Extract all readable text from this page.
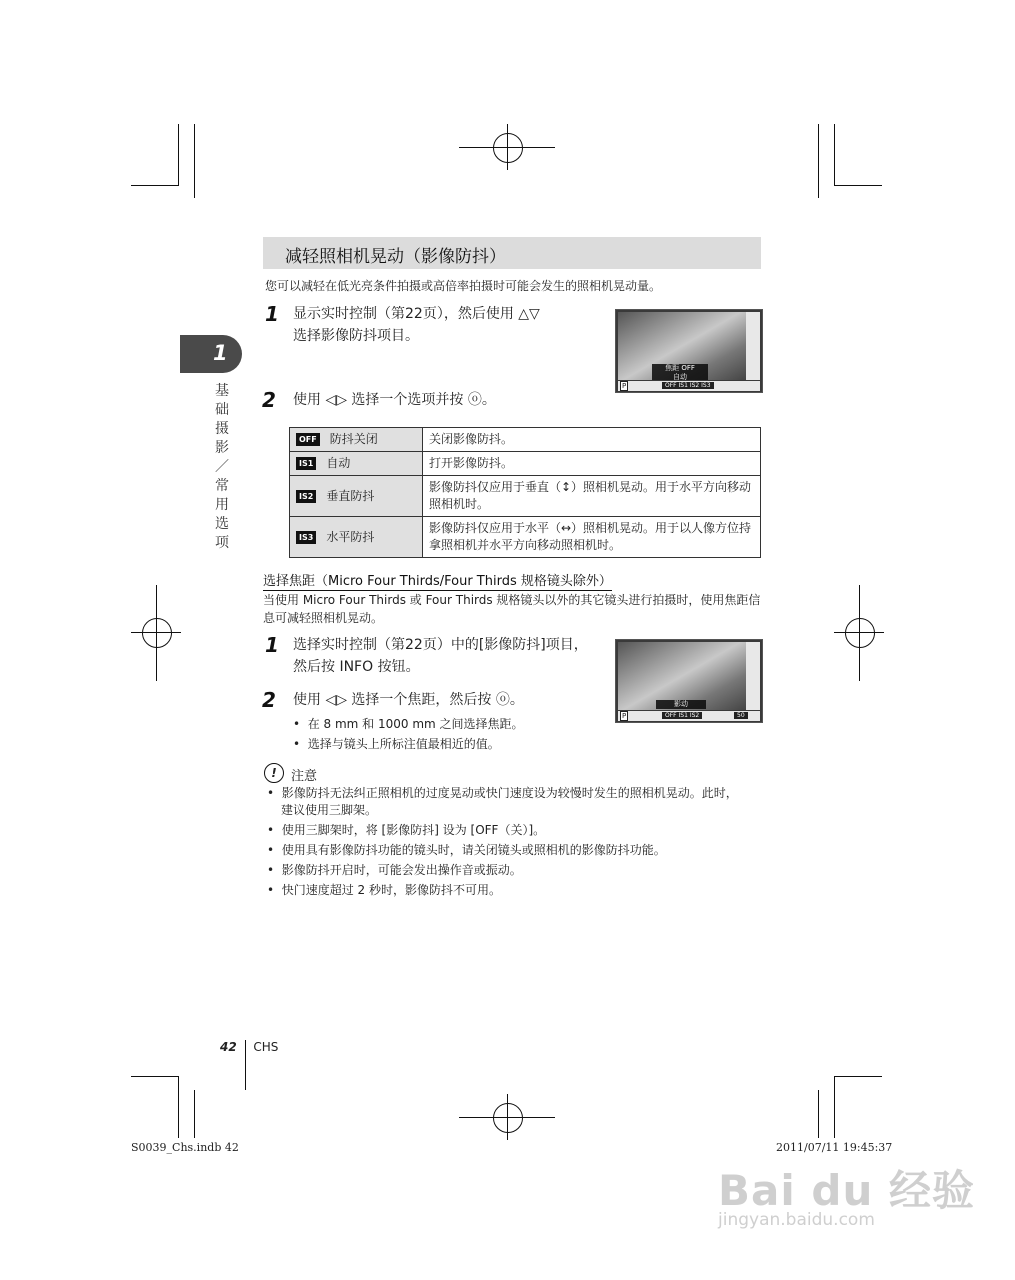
1
基础摄影／常用选项
减轻照相机晃动（影像防抖）
您可以减轻在低光亮条件拍摄或高倍率拍摄时可能会发生的照相机晃动量。
1 显示实时控制（第22页），然后使用 △▽
选择影像防抖项目。
2 使用 ◁▷ 选择一个选项并按 ⓞ。
焦距 OFF
自动
OFF IS1 IS2 IS3
P
OFF 防抖关闭	关闭影像防抖。
IS1 自动	打开影像防抖。
IS2 垂直防抖	影像防抖仅应用于垂直（↕）照相机晃动。用于水平方向移动照相机时。
IS3 水平防抖	影像防抖仅应用于水平（↔）照相机晃动。用于以人像方位持拿照相机并水平方向移动照相机时。
选择焦距（Micro Four Thirds/Four Thirds 规格镜头除外）
当使用 Micro Four Thirds 或 Four Thirds 规格镜头以外的其它镜头进行拍摄时，使用焦距信息可减轻照相机晃动。
1 选择实时控制（第22页）中的[影像防抖]项目，
然后按 INFO 按钮。
2 使用 ◁▷ 选择一个焦距，然后按 ⓞ。
•  在 8 mm 和 1000 mm 之间选择焦距。
•  选择与镜头上所标注值最相近的值。
影动
OFF IS1 IS2
P	50
!	注意
•  影像防抖无法纠正照相机的过度晃动或快门速度设为较慢时发生的照相机晃动。此时，
建议使用三脚架。
•  使用三脚架时，将 [影像防抖] 设为 [OFF（关）]。
•  使用具有影像防抖功能的镜头时，请关闭镜头或照相机的影像防抖功能。
•  影像防抖开启时，可能会发出操作音或振动。
•  快门速度超过 2 秒时，影像防抖不可用。
42 CHS
S0039_Chs.indb 42	2011/07/11 19:45:37
Bai du 经验
jingyan.baidu.com
